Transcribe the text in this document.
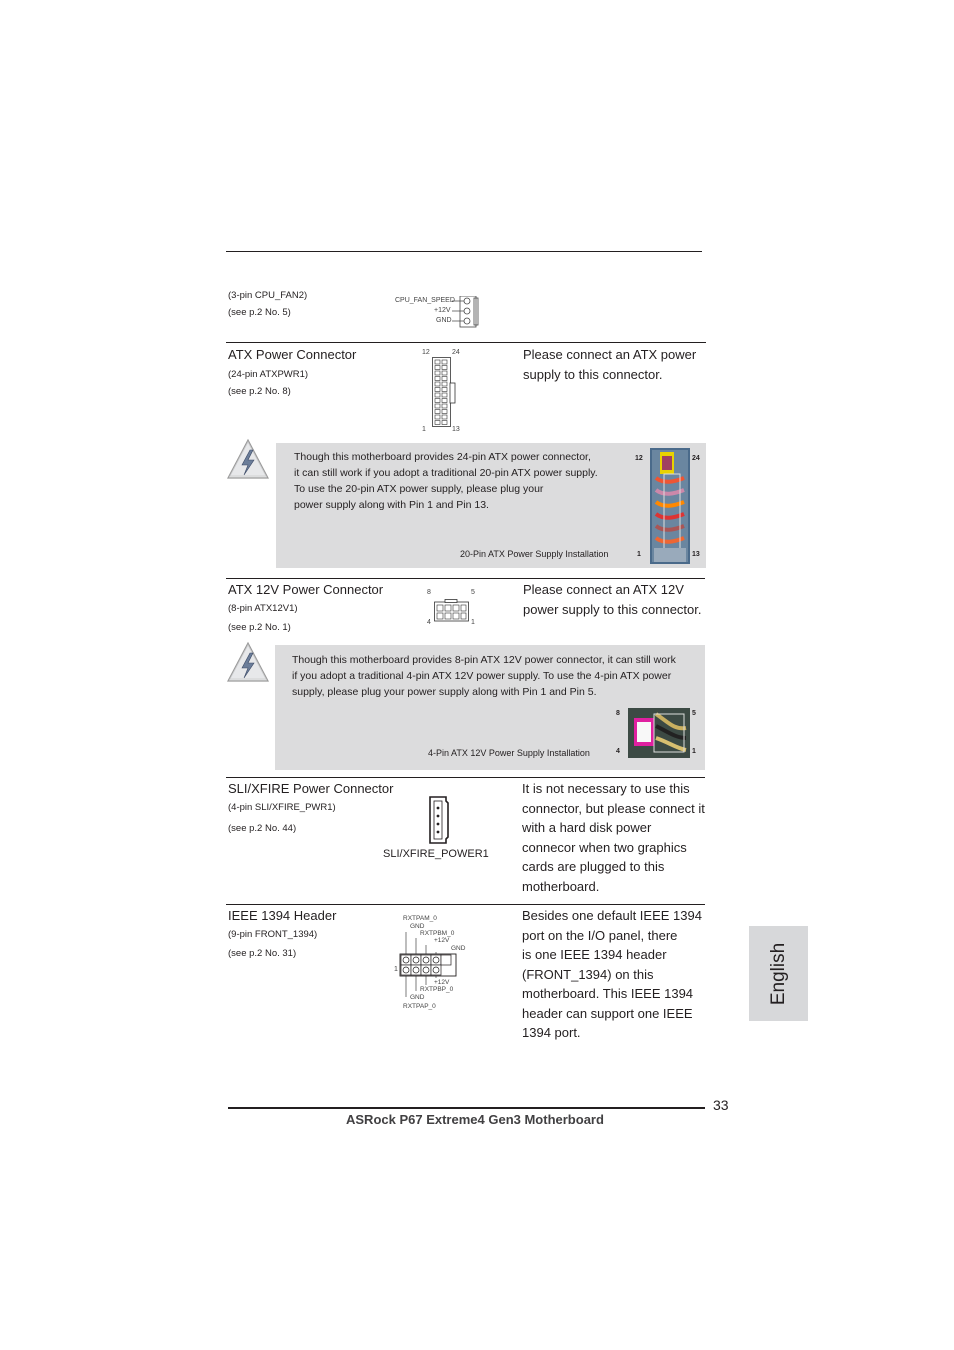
(3-pin CPU_FAN2)
(see p.2 No. 5)
CPU_FAN_SPEED
+12V
GND
ATX Power Connector
(24-pin ATXPWR1)
(see p.2 No. 8)
Please connect an ATX power
supply to this connector.
12	24
1	13
Though this motherboard provides 24-pin ATX power connector,
it can still work if you adopt a traditional 20-pin ATX power supply.
To use the 20-pin ATX power supply, please plug your
power supply along with Pin 1 and Pin 13.
20-Pin ATX Power Supply Installation
12	24
1	13
ATX 12V Power Connector
(8-pin ATX12V1)
(see p.2 No. 1)
Please connect an ATX 12V
power supply to this connector.
8	5
4	1
Though this motherboard provides 8-pin ATX 12V power connector, it can still work
if you adopt a traditional 4-pin ATX 12V power supply. To use the 4-pin ATX power
supply, please plug your power supply along with Pin 1 and Pin 5.
4-Pin ATX 12V Power Supply Installation
8	5
4	1
SLI/XFIRE Power Connector
(4-pin SLI/XFIRE_PWR1)
(see p.2 No. 44)
SLI/XFIRE_POWER1
It is not necessary to use this
connector, but please connect it
with a hard disk power
connecor when two graphics
cards are plugged to this
motherboard.
IEEE 1394 Header
(9-pin FRONT_1394)
(see p.2 No. 31)
RXTPAM_0
GND
RXTPBM_0
+12V
GND
1
+12V
RXTPBP_0
GND
RXTPAP_0
Besides one default IEEE 1394
port on the I/O panel, there
is one IEEE 1394 header
(FRONT_1394) on this
motherboard. This IEEE 1394
header can support one IEEE
1394 port.
English
33
ASRock P67 Extreme4 Gen3 Motherboard
